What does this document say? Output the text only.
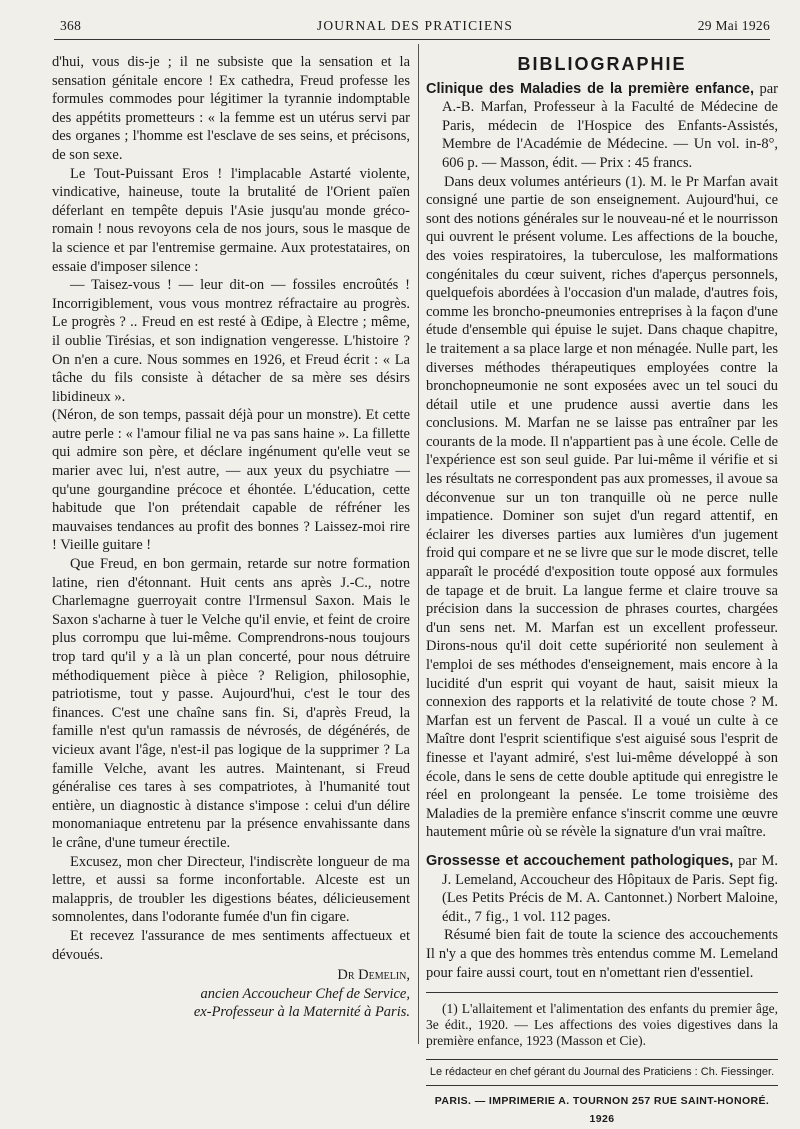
368	JOURNAL DES PRATICIENS	29 Mai 1926

d'hui, vous dis-je ; il ne subsiste que la sensation et la sensation génitale encore ! Ex cathedra, Freud professe les formules commodes pour légitimer la tyrannie indomptable des appétits prometteurs : « la femme est un utérus servi par des organes ; l'homme est l'esclave de ses seins, et précisons, de son sexe.

Le Tout-Puissant Eros ! l'implacable Astarté violente, vindicative, haineuse, toute la brutalité de l'Orient païen déferlant en tempête depuis l'Asie jusqu'au monde gréco-romain ! nous revoyons cela de nos jours, sous le masque de la science et par l'entremise germaine. Aux protestataires, on essaie d'imposer silence :

— Taisez-vous ! — leur dit-on — fossiles encroûtés ! Incorrigiblement, vous vous montrez réfractaire au progrès. Le progrès ? .. Freud en est resté à Œdipe, à Electre ; même, il oublie Tirésias, et son indignation vengeresse. L'histoire ? On n'en a cure. Nous sommes en 1926, et Freud écrit : « La tâche du fils consiste à détacher de sa mère ses désirs libidineux ».

(Néron, de son temps, passait déjà pour un monstre). Et cette autre perle : « l'amour filial ne va pas sans haine ». La fillette qui admire son père, et déclare ingénument qu'elle veut se marier avec lui, n'est autre, — aux yeux du psychiatre — qu'une gourgandine précoce et éhontée. L'éducation, cette habitude que l'on prétendait capable de réfréner les mauvaises tendances au profit des bonnes ? Laissez-moi rire ! Vieille guitare !

Que Freud, en bon germain, retarde sur notre formation latine, rien d'étonnant. Huit cents ans après J.-C., notre Charlemagne guerroyait contre l'Irmensul Saxon. Mais le Saxon s'acharne à tuer le Velche qu'il envie, et feint de croire plus corrompu que lui-même. Comprendrons-nous toujours trop tard qu'il y a là un plan concerté, pour nous détruire méthodiquement pièce à pièce ? Religion, philosophie, patriotisme, tout y passe. Aujourd'hui, c'est le tour des finances. C'est une chaîne sans fin. Si, d'après Freud, la famille n'est qu'un ramassis de névrosés, de dégénérés, de vicieux avant l'âge, n'est-il pas logique de la supprimer ? La famille Velche, avant les autres. Maintenant, si Freud généralise ces tares à ses compatriotes, à l'humanité tout entière, un diagnostic à distance s'impose : celui d'un délire monomaniaque entretenu par la présence envahissante dans le crâne, d'une tumeur érectile.

Excusez, mon cher Directeur, l'indiscrète longueur de ma lettre, et aussi sa forme inconfortable. Alceste est un malappris, de troubler les digestions béates, délicieusement somnolentes, dans l'odorante fumée d'un fin cigare.

Et recevez l'assurance de mes sentiments affectueux et dévoués.

Dr Demelin,
ancien Accoucheur Chef de Service,
ex-Professeur à la Maternité à Paris.
BIBLIOGRAPHIE

Clinique des Maladies de la première enfance, par A.-B. Marfan, Professeur à la Faculté de Médecine de Paris, médecin de l'Hospice des Enfants-Assistés, Membre de l'Académie de Médecine. — Un vol. in-8°, 606 p. — Masson, édit. — Prix : 45 francs.

Dans deux volumes antérieurs (1). M. le Pr Marfan avait consigné une partie de son enseignement. Aujourd'hui, ce sont des notions générales sur le nouveau-né et le nourrisson qui ouvrent le présent volume. Les affections de la bouche, des voies respiratoires, la tuberculose, les malformations congénitales du cœur suivent, riches d'aperçus personnels, quelquefois abordées à l'occasion d'un malade, d'autres fois, comme les broncho-pneumonies entreprises à la façon d'une étude d'ensemble qui épuise le sujet. Dans chaque chapitre, le traitement a sa place large et non ménagée. Nulle part, les diverses méthodes thérapeutiques employées contre la bronchopneumonie ne sont exposées avec un tel souci du détail utile et une prudence aussi avertie dans les conclusions. M. Marfan ne se laisse pas entraîner par les courants de la mode. Il n'appartient pas à une école. Celle de l'expérience est son seul guide. Par lui-même il vérifie et si les résultats ne correspondent pas aux promesses, il avoue sa déconvenue sur un ton tranquille où ne perce nulle impatience. Dominer son sujet d'un regard attentif, en éclairer les diverses parties aux lumières d'un jugement froid qui compare et ne se livre que sur le mode discret, telle apparaît le procédé d'exposition toute opposé aux formules de tapage et de bruit. La langue ferme et claire trouve sa précision dans la succession de phrases courtes, chargées d'un sens net. M. Marfan est un excellent professeur. Dirons-nous qu'il doit cette supériorité non seulement à l'emploi de ses méthodes d'enseignement, mais encore à la lucidité d'un esprit qui voyant de haut, saisit mieux la connexion des rapports et la relativité de toute chose ? M. Marfan est un fervent de Pascal. Il a voué un culte à ce Maître dont l'esprit scientifique s'est aiguisé sous l'esprit de finesse et l'ayant admiré, s'est lui-même développé à son école, dans le sens de cette double aptitude qui enregistre le réel en prolongeant la pensée. Le tome troisième des Maladies de la première enfance s'inscrit comme une œuvre hautement mûrie où se révèle la signature d'un vrai maître.

Grossesse et accouchement pathologiques, par M. J. Lemeland, Accoucheur des Hôpitaux de Paris. Sept fig. (Les Petits Précis de M. A. Cantonnet.) Norbert Maloine, édit., 7 fig., 1 vol. 112 pages.

Résumé bien fait de toute la science des accouchements Il n'y a que des hommes très entendus comme M. Lemeland pour faire aussi court, tout en n'omettant rien d'essentiel.

(1) L'allaitement et l'alimentation des enfants du premier âge, 3e édit., 1920. — Les affections des voies digestives dans la première enfance, 1923 (Masson et Cie).

Le rédacteur en chef gérant du Journal des Praticiens : Ch. Fiessinger.
PARIS. — IMPRIMERIE A. TOURNON 257 RUE SAINT-HONORÉ. 1926
